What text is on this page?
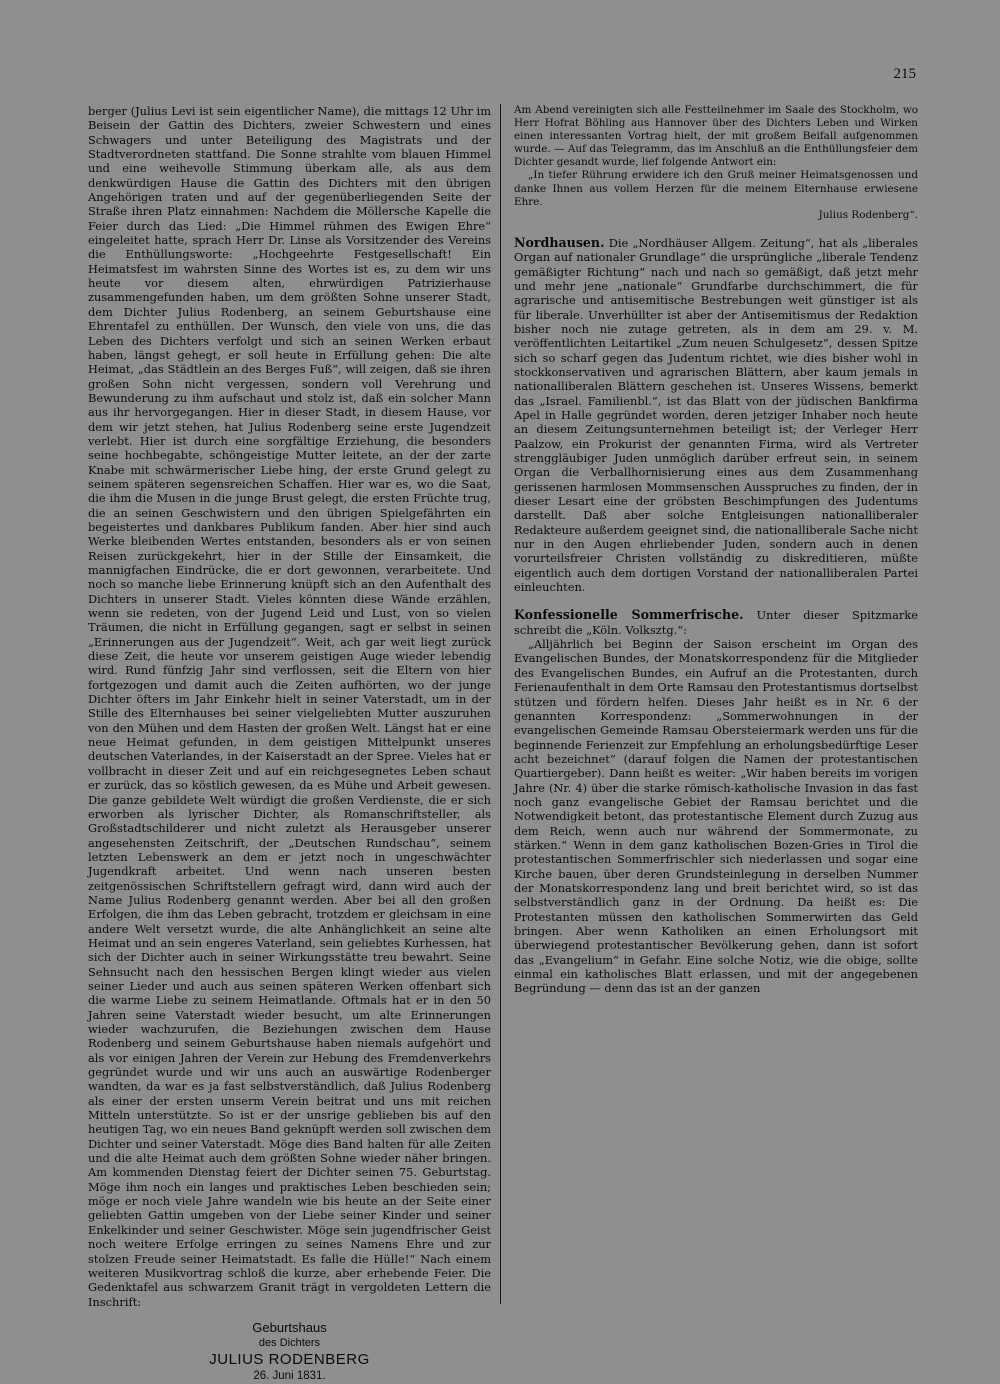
215

berger (Julius Levi ist sein eigentlicher Name), die mittags 12 Uhr im Beisein der Gattin des Dichters, zweier Schwestern und eines Schwagers und unter Beteiligung des Magistrats und der Stadtverordneten stattfand. Die Sonne strahlte vom blauen Himmel und eine weihevolle Stimmung überkam alle, als aus dem denkwürdigen Hause die Gattin des Dichters mit den übrigen Angehörigen traten und auf der gegenüberliegenden Seite der Straße ihren Platz einnahmen: Nachdem die Möllersche Kapelle die Feier durch das Lied: „Die Himmel rühmen des Ewigen Ehre“ eingeleitet hatte, sprach Herr Dr. Linse als Vorsitzender des Vereins die Enthüllungsworte: „Hochgeehrte Festgesellschaft! Ein Heimatsfest im wahrsten Sinne des Wortes ist es, zu dem wir uns heute vor diesem alten, ehrwürdigen Patrizierhause zusammengefunden haben, um dem größten Sohne unserer Stadt, dem Dichter Julius Rodenberg, an seinem Geburtshause eine Ehrentafel zu enthüllen. Der Wunsch, den viele von uns, die das Leben des Dichters verfolgt und sich an seinen Werken erbaut haben, längst gehegt, er soll heute in Erfüllung gehen: Die alte Heimat, „das Städtlein an des Berges Fuß“, will zeigen, daß sie ihren großen Sohn nicht vergessen, sondern voll Verehrung und Bewunderung zu ihm aufschaut und stolz ist, daß ein solcher Mann aus ihr hervorgegangen. Hier in dieser Stadt, in diesem Hause, vor dem wir jetzt stehen, hat Julius Rodenberg seine erste Jugendzeit verlebt. Hier ist durch eine sorgfältige Erziehung, die besonders seine hochbegabte, schöngeistige Mutter leitete, an der der zarte Knabe mit schwärmerischer Liebe hing, der erste Grund gelegt zu seinem späteren segensreichen Schaffen. Hier war es, wo die Saat, die ihm die Musen in die junge Brust gelegt, die ersten Früchte trug, die an seinen Geschwistern und den übrigen Spielgefährten ein begeistertes und dankbares Publikum fanden. Aber hier sind auch Werke bleibenden Wertes entstanden, besonders als er von seinen Reisen zurückgekehrt, hier in der Stille der Einsamkeit, die mannigfachen Eindrücke, die er dort gewonnen, verarbeitete. Und noch so manche liebe Erinnerung knüpft sich an den Aufenthalt des Dichters in unserer Stadt. Vieles könnten diese Wände erzählen, wenn sie redeten, von der Jugend Leid und Lust, von so vielen Träumen, die nicht in Erfüllung gegangen, sagt er selbst in seinen „Erinnerungen aus der Jugendzeit“. Weit, ach gar weit liegt zurück diese Zeit, die heute vor unserem geistigen Auge wieder lebendig wird. Rund fünfzig Jahr sind verflossen, seit die Eltern von hier fortgezogen und damit auch die Zeiten aufhörten, wo der junge Dichter öfters im Jahr Einkehr hielt in seiner Vaterstadt, um in der Stille des Elternhauses bei seiner vielgeliebten Mutter auszuruhen von den Mühen und dem Hasten der großen Welt. Längst hat er eine neue Heimat gefunden, in dem geistigen Mittelpunkt unseres deutschen Vaterlandes, in der Kaiserstadt an der Spree. Vieles hat er vollbracht in dieser Zeit und auf ein reichgesegnetes Leben schaut er zurück, das so köstlich gewesen, da es Mühe und Arbeit gewesen. Die ganze gebildete Welt würdigt die großen Verdienste, die er sich erworben als lyrischer Dichter, als Romanschriftsteller, als Großstadtschilderer und nicht zuletzt als Herausgeber unserer angesehensten Zeitschrift, der „Deutschen Rundschau“, seinem letzten Lebenswerk an dem er jetzt noch in ungeschwächter Jugendkraft arbeitet. Und wenn nach unseren besten zeitgenössischen Schriftstellern gefragt wird, dann wird auch der Name Julius Rodenberg genannt werden. Aber bei all den großen Erfolgen, die ihm das Leben gebracht, trotzdem er gleichsam in eine andere Welt versetzt wurde, die alte Anhänglichkeit an seine alte Heimat und an sein engeres Vaterland, sein geliebtes Kurhessen, hat sich der Dichter auch in seiner Wirkungsstätte treu bewahrt. Seine Sehnsucht nach den hessischen Bergen klingt wieder aus vielen seiner Lieder und auch aus seinen späteren Werken offenbart sich die warme Liebe zu seinem Heimatlande. Oftmals hat er in den 50 Jahren seine Vaterstadt wieder besucht, um alte Erinnerungen wieder wachzurufen, die Beziehungen zwischen dem Hause Rodenberg und seinem Geburtshause haben niemals aufgehört und als vor einigen Jahren der Verein zur Hebung des Fremdenverkehrs gegründet wurde und wir uns auch an auswärtige Rodenberger wandten, da war es ja fast selbstverständlich, daß Julius Rodenberg als einer der ersten unserm Verein beitrat und uns mit reichen Mitteln unterstützte. So ist er der unsrige geblieben bis auf den heutigen Tag, wo ein neues Band geknüpft werden soll zwischen dem Dichter und seiner Vaterstadt. Möge dies Band halten für alle Zeiten und die alte Heimat auch dem größten Sohne wieder näher bringen. Am kommenden Dienstag feiert der Dichter seinen 75. Geburtstag. Möge ihm noch ein langes und praktisches Leben beschieden sein; möge er noch viele Jahre wandeln wie bis heute an der Seite einer geliebten Gattin umgeben von der Liebe seiner Kinder und seiner Enkelkinder und seiner Geschwister. Möge sein jugendfrischer Geist noch weitere Erfolge erringen zu seines Namens Ehre und zur stolzen Freude seiner Heimatstadt. Es falle die Hülle!“ Nach einem weiteren Musikvortrag schloß die kurze, aber erhebende Feier. Die Gedenktafel aus schwarzem Granit trägt in vergoldeten Lettern die Inschrift:

Geburtshaus
des Dichters
JULIUS RODENBERG
26. Juni 1831.

Am Abend vereinigten sich alle Festteilnehmer im Saale des Stockholm, wo Herr Hofrat Böhling aus Hannover über des Dichters Leben und Wirken einen interessanten Vortrag hielt, der mit großem Beifall aufgenommen wurde. — Auf das Telegramm, das im Anschluß an die Enthüllungsfeier dem Dichter gesandt wurde, lief folgende Antwort ein:

„In tiefer Rührung erwidere ich den Gruß meiner Heimatsgenossen und danke Ihnen aus vollem Herzen für die meinem Elternhause erwiesene Ehre.

Julius Rodenberg“.

Nordhausen. Die „Nordhäuser Allgem. Zeitung“, hat als „liberales Organ auf nationaler Grundlage“ die ursprüngliche „liberale Tendenz gemäßigter Richtung“ nach und nach so gemäßigt, daß jetzt mehr und mehr jene „nationale“ Grundfarbe durchschimmert, die für agrarische und antisemitische Bestrebungen weit günstiger ist als für liberale. Unverhüllter ist aber der Antisemitismus der Redaktion bisher noch nie zutage getreten, als in dem am 29. v. M. veröffentlichten Leitartikel „Zum neuen Schulgesetz“, dessen Spitze sich so scharf gegen das Judentum richtet, wie dies bisher wohl in stockkonservativen und agrarischen Blättern, aber kaum jemals in nationalliberalen Blättern geschehen ist. Unseres Wissens, bemerkt das „Israel. Familienbl.“, ist das Blatt von der jüdischen Bankfirma Apel in Halle gegründet worden, deren jetziger Inhaber noch heute an diesem Zeitungsunternehmen beteiligt ist; der Verleger Herr Paalzow, ein Prokurist der genannten Firma, wird als Vertreter strenggläubiger Juden unmöglich darüber erfreut sein, in seinem Organ die Verballhornisierung eines aus dem Zusammenhang gerissenen harmlosen Mommsenschen Ausspruches zu finden, der in dieser Lesart eine der gröbsten Beschimpfungen des Judentums darstellt. Daß aber solche Entgleisungen nationalliberaler Redakteure außerdem geeignet sind, die nationalliberale Sache nicht nur in den Augen ehrliebender Juden, sondern auch in denen vorurteilsfreier Christen vollständig zu diskreditieren, müßte eigentlich auch dem dortigen Vorstand der nationalliberalen Partei einleuchten.

Konfessionelle Sommerfrische. Unter dieser Spitzmarke schreibt die „Köln. Volksztg.“:

„Alljährlich bei Beginn der Saison erscheint im Organ des Evangelischen Bundes, der Monatskorrespondenz für die Mitglieder des Evangelischen Bundes, ein Aufruf an die Protestanten, durch Ferienaufenthalt in dem Orte Ramsau den Protestantismus dortselbst stützen und fördern helfen. Dieses Jahr heißt es in Nr. 6 der genannten Korrespondenz: „Sommerwohnungen in der evangelischen Gemeinde Ramsau Obersteiermark werden uns für die beginnende Ferienzeit zur Empfehlung an erholungsbedürftige Leser acht bezeichnet“ (darauf folgen die Namen der protestantischen Quartiergeber). Dann heißt es weiter: „Wir haben bereits im vorigen Jahre (Nr. 4) über die starke römisch-katholische Invasion in das fast noch ganz evangelische Gebiet der Ramsau berichtet und die Notwendigkeit betont, das protestantische Element durch Zuzug aus dem Reich, wenn auch nur während der Sommermonate, zu stärken.“ Wenn in dem ganz katholischen Bozen-Gries in Tirol die protestantischen Sommerfrischler sich niederlassen und sogar eine Kirche bauen, über deren Grundsteinlegung in derselben Nummer der Monatskorrespondenz lang und breit berichtet wird, so ist das selbstverständlich ganz in der Ordnung. Da heißt es: Die Protestanten müssen den katholischen Sommerwirten das Geld bringen. Aber wenn Katholiken an einen Erholungsort mit überwiegend protestantischer Bevölkerung gehen, dann ist sofort das „Evangelium“ in Gefahr. Eine solche Notiz, wie die obige, sollte einmal ein katholisches Blatt erlassen, und mit der angegebenen Begründung — denn das ist an der ganzen
